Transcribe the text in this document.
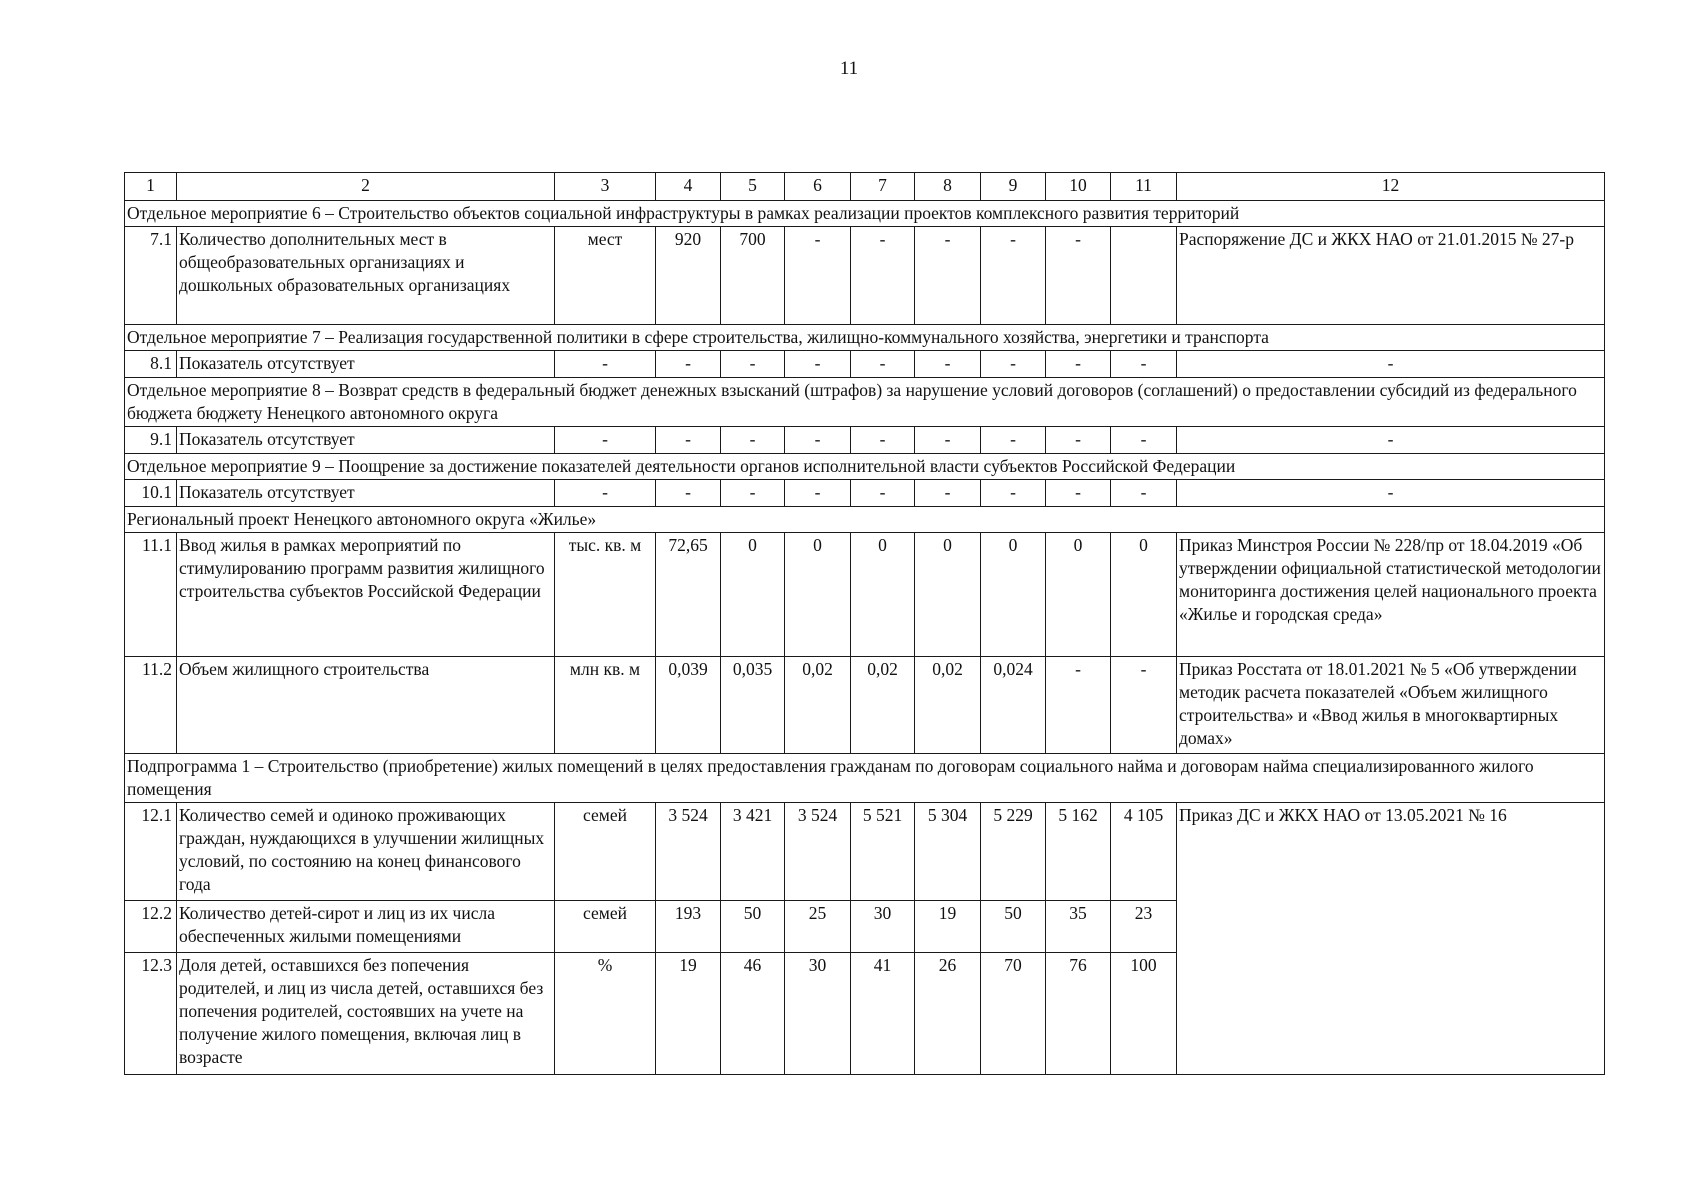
11
1	2	3	4	5	6	7	8	9	10	11	12
Отдельное мероприятие 6 – Строительство объектов социальной инфраструктуры в рамках реализации проектов комплексного развития территорий											
7.1	Количество дополнительных мест в общеобразовательных организациях и дошкольных образовательных организациях	мест	920	700	-	-	-	-	-		Распоряжение ДС и ЖКХ НАО от 21.01.2015 № 27-р
Отдельное мероприятие 7 – Реализация государственной политики в сфере строительства, жилищно-коммунального хозяйства, энергетики и транспорта											
8.1	Показатель отсутствует	-	-	-	-	-	-	-	-	-	-
Отдельное мероприятие 8 – Возврат средств в федеральный бюджет денежных взысканий (штрафов) за нарушение условий договоров (соглашений) о предоставлении субсидий из федерального бюджета бюджету Ненецкого автономного округа											
9.1	Показатель отсутствует	-	-	-	-	-	-	-	-	-	-
Отдельное мероприятие 9 – Поощрение за достижение показателей деятельности органов исполнительной власти субъектов Российской Федерации											
10.1	Показатель отсутствует	-	-	-	-	-	-	-	-	-	-
Региональный проект Ненецкого автономного округа «Жилье»											
11.1	Ввод жилья в рамках мероприятий по стимулированию программ развития жилищного строительства субъектов Российской Федерации	тыс. кв. м	72,65	0	0	0	0	0	0	0	Приказ Минстроя России № 228/пр от 18.04.2019 «Об утверждении официальной статистической методологии мониторинга достижения целей национального проекта «Жилье и городская среда»
11.2	Объем жилищного строительства	млн кв. м	0,039	0,035	0,02	0,02	0,02	0,024	-	-	Приказ Росстата от 18.01.2021 № 5 «Об утверждении методик расчета показателей «Объем жилищного строительства» и «Ввод жилья в многоквартирных домах»
Подпрограмма 1 – Строительство (приобретение) жилых помещений в целях предоставления гражданам по договорам социального найма и договорам найма специализированного жилого помещения											
12.1	Количество семей и одиноко проживающих граждан, нуждающихся в улучшении жилищных условий, по состоянию на конец финансового года	семей	3 524	3 421	3 524	5 521	5 304	5 229	5 162	4 105	Приказ ДС и ЖКХ НАО от 13.05.2021 № 16
12.2	Количество детей-сирот и лиц из их числа обеспеченных жилыми помещениями	семей	193	50	25	30	19	50	35	23	
12.3	Доля детей, оставшихся без попечения родителей, и лиц из числа детей, оставшихся без попечения родителей, состоявших на учете на получение жилого помещения, включая лиц в возрасте	%	19	46	30	41	26	70	76	100	
